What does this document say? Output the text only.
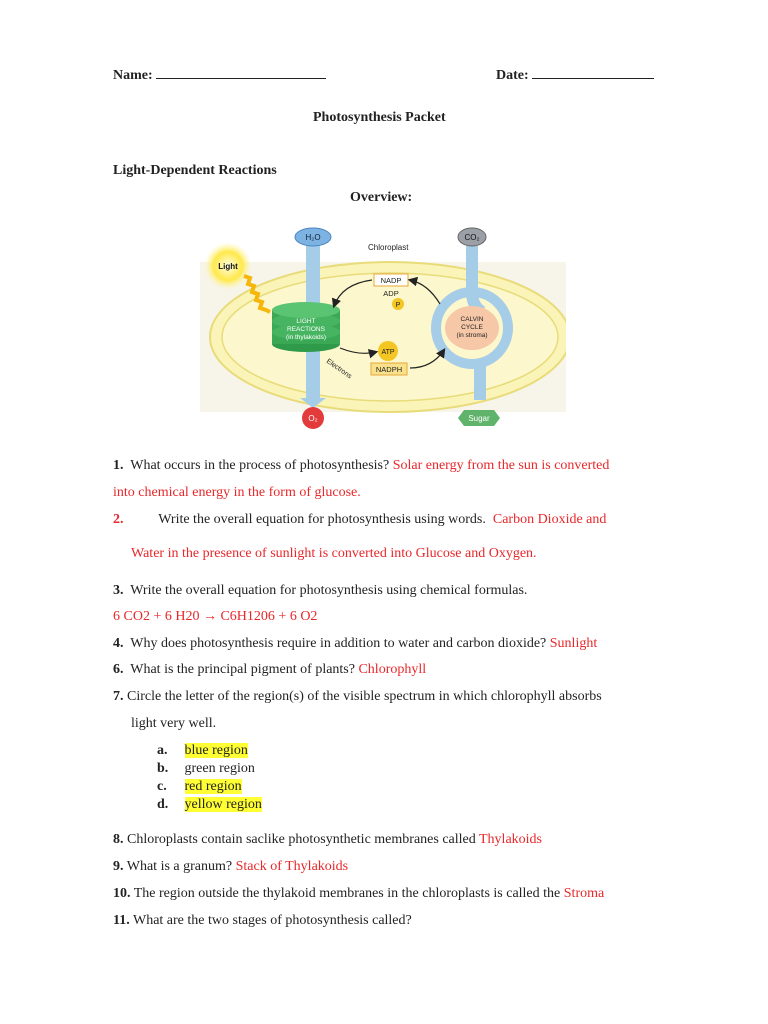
Name:	Date:
Photosynthesis Packet
Light-Dependent Reactions
Overview:
Chloroplast
H₂O
O₂
CO₂
Sugar
Light
LIGHT
REACTIONS
(in thylakoids)
CALVIN
CYCLE
(in stroma)
NADP
ADP
P
ATP
NADPH
Electrons
1. What occurs in the process of photosynthesis? Solar energy from the sun is converted
into chemical energy in the form of glucose.
2. Write the overall equation for photosynthesis using words. Carbon Dioxide and
Water in the presence of sunlight is converted into Glucose and Oxygen.
3. Write the overall equation for photosynthesis using chemical formulas.
6 CO2 + 6 H20 → C6H1206 + 6 O2
4. Why does photosynthesis require in addition to water and carbon dioxide? Sunlight
6. What is the principal pigment of plants? Chlorophyll
7. Circle the letter of the region(s) of the visible spectrum in which chlorophyll absorbs
light very well.
a. blue region
b. green region
c. red region
d. yellow region
8. Chloroplasts contain saclike photosynthetic membranes called Thylakoids
9. What is a granum? Stack of Thylakoids
10. The region outside the thylakoid membranes in the chloroplasts is called the Stroma
11. What are the two stages of photosynthesis called?
